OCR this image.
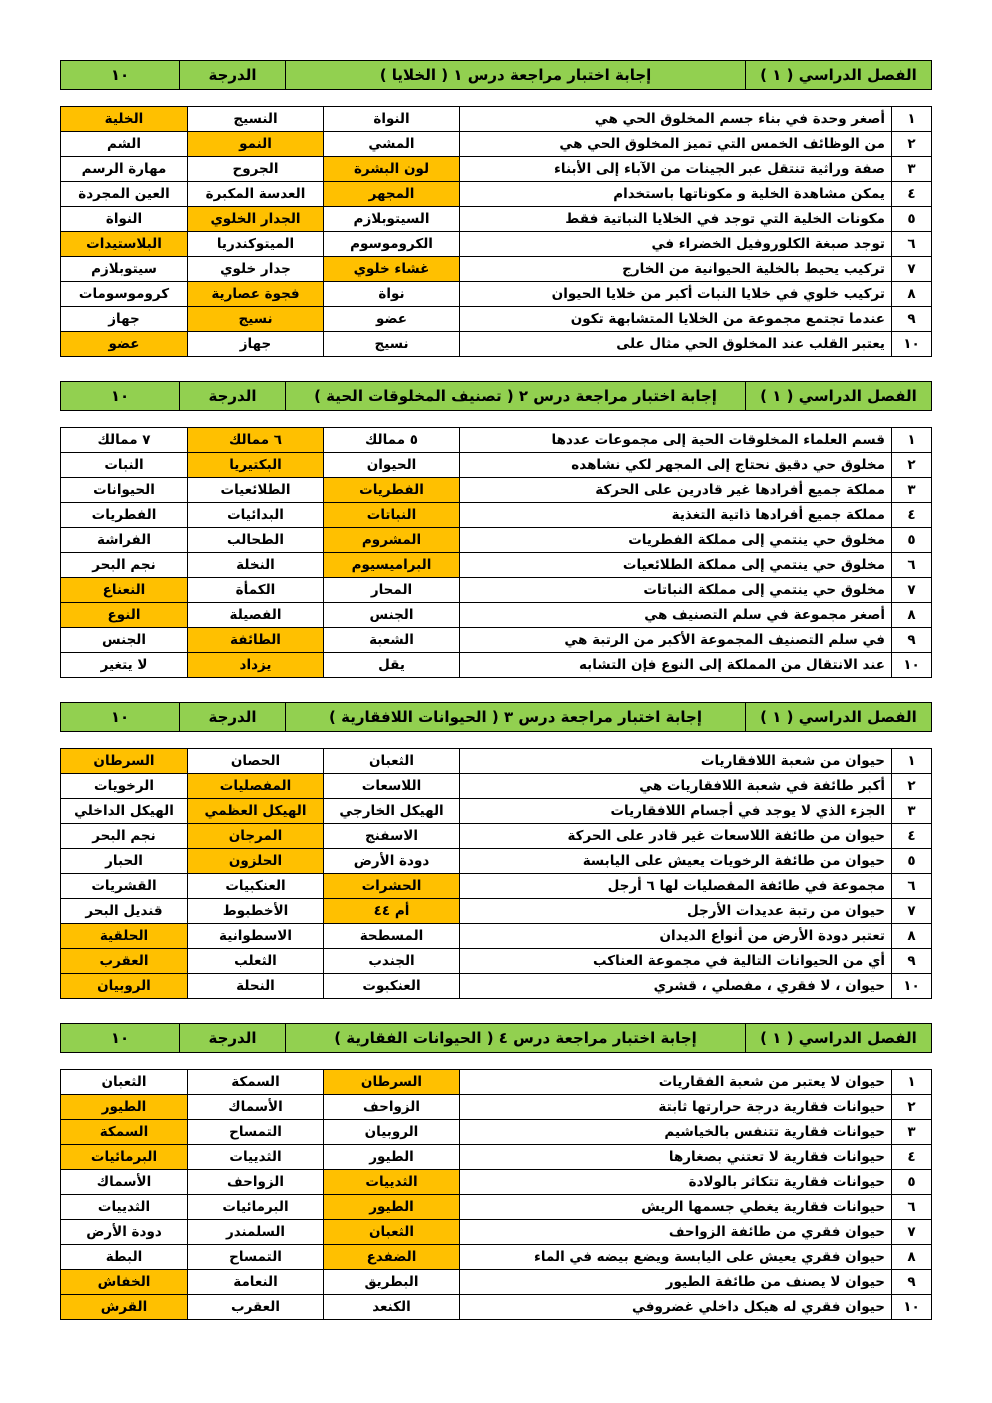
الفصل الدراسي ( ١ )	إجابة اختبار مراجعة درس ١ ( الخلايا )	الدرجة	١٠
١	أصغر وحدة في بناء جسم المخلوق الحي هي	النواة	النسيج	الخلية
٢	من الوظائف الخمس التي تميز المخلوق الحي هي	المشي	النمو	الشم
٣	صفة وراثية تنتقل عبر الجينات من الآباء إلى الأبناء	لون البشرة	الجروح	مهارة الرسم
٤	يمكن مشاهدة الخلية و مكوناتها باستخدام	المجهر	العدسة المكبرة	العين المجردة
٥	مكونات الخلية التي توجد في الخلايا النباتية فقط	السيتوبلازم	الجدار الخلوي	النواة
٦	توجد صبغة الكلوروفيل الخضراء في	الكروموسوم	الميتوكندريا	البلاستيدات
٧	تركيب يحيط بالخلية الحيوانية من الخارج	غشاء خلوي	جدار خلوي	سيتوبلازم
٨	تركيب خلوي في خلايا النبات أكبر من خلايا الحيوان	نواة	فجوة عصارية	كروموسومات
٩	عندما تجتمع مجموعة من الخلايا المتشابهة تكون	عضو	نسيج	جهاز
١٠	يعتبر القلب عند المخلوق الحي مثال على	نسيج	جهاز	عضو
الفصل الدراسي ( ١ )	إجابة اختبار مراجعة درس ٢ ( تصنيف المخلوقات الحية )	الدرجة	١٠
١	قسم العلماء المخلوقات الحية إلى مجموعات عددها	٥ ممالك	٦ ممالك	٧ ممالك
٢	مخلوق حي دقيق نحتاج إلى المجهر لكي نشاهده	الحيوان	البكتيريا	النبات
٣	مملكة جميع أفرادها غير قادرين على الحركة	الفطريات	الطلائعيات	الحيوانات
٤	مملكة جميع أفرادها ذاتية التغذية	النباتات	البدائيات	الفطريات
٥	مخلوق حي ينتمي إلى مملكة الفطريات	المشروم	الطحالب	الفراشة
٦	مخلوق حي ينتمي إلى مملكة الطلائعيات	البراميسيوم	النخلة	نجم البحر
٧	مخلوق حي ينتمي إلى مملكة النباتات	المحار	الكمأة	النعناع
٨	أصغر مجموعة في سلم التصنيف هي	الجنس	الفصيلة	النوع
٩	في سلم التصنيف المجموعة الأكبر من الرتبة هي	الشعبة	الطائفة	الجنس
١٠	عند الانتقال من المملكة إلى النوع فإن التشابه	يقل	يزداد	لا يتغير
الفصل الدراسي ( ١ )	إجابة اختبار مراجعة درس ٣ ( الحيوانات اللافقارية )	الدرجة	١٠
١	حيوان من شعبة اللافقاريات	الثعبان	الحصان	السرطان
٢	أكبر طائفة في شعبة اللافقاريات هي	اللاسعات	المفصليات	الرخويات
٣	الجزء الذي لا يوجد في أجسام اللافقاريات	الهيكل الخارجي	الهيكل العظمي	الهيكل الداخلي
٤	حيوان من طائفة اللاسعات غير قادر على الحركة	الاسفنج	المرجان	نجم البحر
٥	حيوان من طائفة الرخويات يعيش على اليابسة	دودة الأرض	الحلزون	الحبار
٦	مجموعة في طائفة المفصليات لها ٦ أرجل	الحشرات	العنكبيات	القشريات
٧	حيوان من رتبة عديدات الأرجل	أم ٤٤	الأخطبوط	قنديل البحر
٨	تعتبر دودة الأرض من أنواع الديدان	المسطحة	الاسطوانية	الحلقية
٩	أي من الحيوانات التالية في مجموعة العناكب	الجندب	الثعلب	العقرب
١٠	حيوان ، لا فقري ، مفصلي ، قشري	العنكبوت	النحلة	الروبيان
الفصل الدراسي ( ١ )	إجابة اختبار مراجعة درس ٤ ( الحيوانات الفقارية )	الدرجة	١٠
١	حيوان لا يعتبر من شعبة الفقاريات	السرطان	السمكة	الثعبان
٢	حيوانات فقارية درجة حرارتها ثابتة	الزواحف	الأسماك	الطيور
٣	حيوانات فقارية تتنفس بالخياشيم	الروبيان	التمساح	السمكة
٤	حيوانات فقارية لا تعتني بصغارها	الطيور	الثدييات	البرمائيات
٥	حيوانات فقارية تتكاثر بالولادة	الثدييات	الزواحف	الأسماك
٦	حيوانات فقارية يغطي جسمها الريش	الطيور	البرمائيات	الثدييات
٧	حيوان فقري من طائفة الزواحف	الثعبان	السلمندر	دودة الأرض
٨	حيوان فقري يعيش على اليابسة ويضع بيضه في الماء	الضفدع	التمساح	البطة
٩	حيوان لا يصنف من طائفة الطيور	البطريق	النعامة	الخفاش
١٠	حيوان فقري له هيكل داخلي غضروفي	الكنعد	العقرب	القرش
